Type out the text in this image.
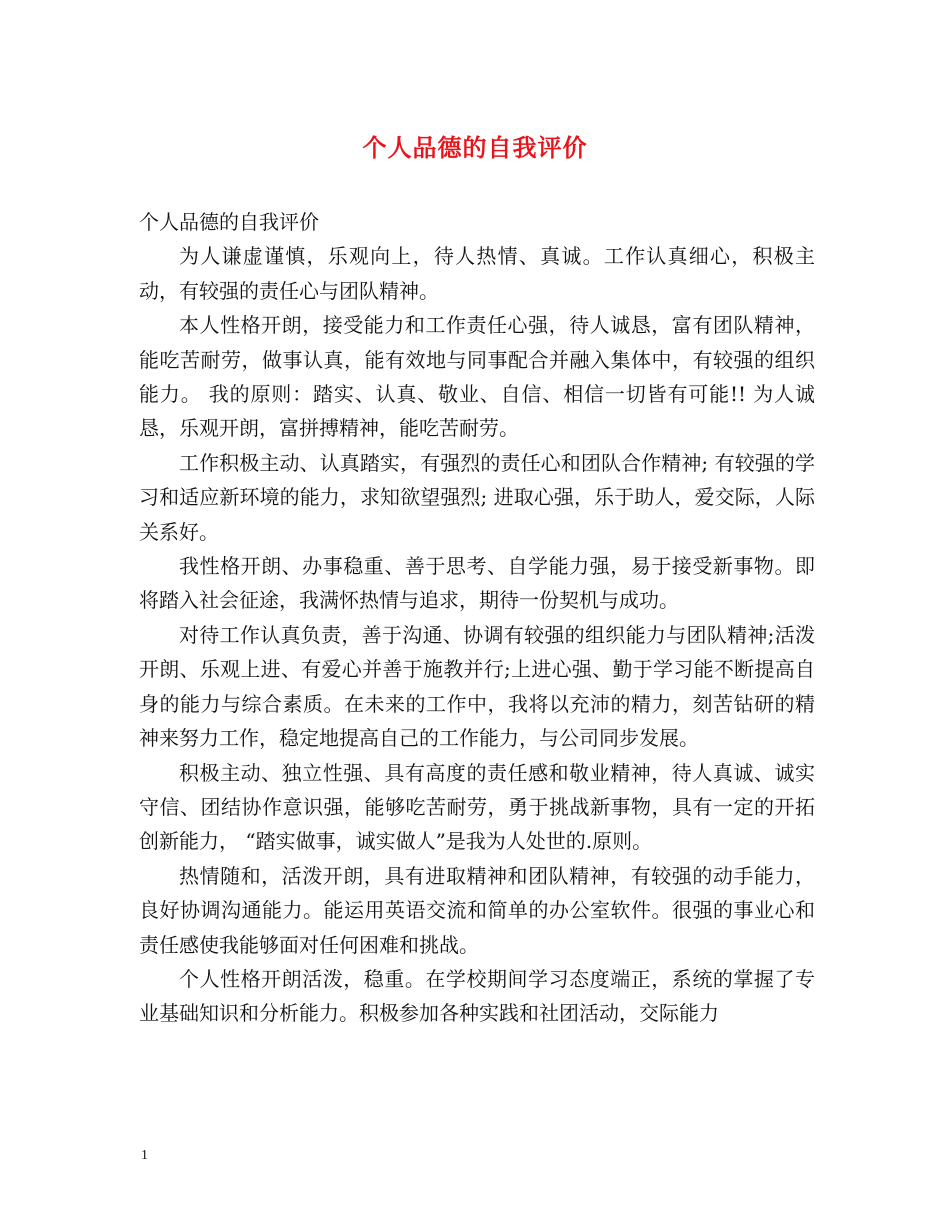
个人品德的自我评价

个人品德的自我评价

为人谦虚谨慎，乐观向上，待人热情、真诚。工作认真细心，积极主动，有较强的责任心与团队精神。

本人性格开朗，接受能力和工作责任心强，待人诚恳，富有团队精神，能吃苦耐劳，做事认真，能有效地与同事配合并融入集体中，有较强的组织能力。 我的原则：踏实、认真、敬业、自信、相信一切皆有可能!! 为人诚恳，乐观开朗，富拼搏精神，能吃苦耐劳。

工作积极主动、认真踏实，有强烈的责任心和团队合作精神; 有较强的学习和适应新环境的能力，求知欲望强烈; 进取心强，乐于助人，爱交际，人际关系好。

我性格开朗、办事稳重、善于思考、自学能力强，易于接受新事物。即将踏入社会征途，我满怀热情与追求，期待一份契机与成功。

对待工作认真负责，善于沟通、协调有较强的组织能力与团队精神;活泼开朗、乐观上进、有爱心并善于施教并行;上进心强、勤于学习能不断提高自身的能力与综合素质。在未来的工作中，我将以充沛的精力，刻苦钻研的精神来努力工作，稳定地提高自己的工作能力，与公司同步发展。

积极主动、独立性强、具有高度的责任感和敬业精神，待人真诚、诚实守信、团结协作意识强，能够吃苦耐劳，勇于挑战新事物，具有一定的开拓创新能力， “踏实做事，诚实做人”是我为人处世的.原则。

热情随和，活泼开朗，具有进取精神和团队精神，有较强的动手能力，良好协调沟通能力。能运用英语交流和简单的办公室软件。很强的事业心和责任感使我能够面对任何困难和挑战。

个人性格开朗活泼，稳重。在学校期间学习态度端正，系统的掌握了专业基础知识和分析能力。积极参加各种实践和社团活动，交际能力

1
